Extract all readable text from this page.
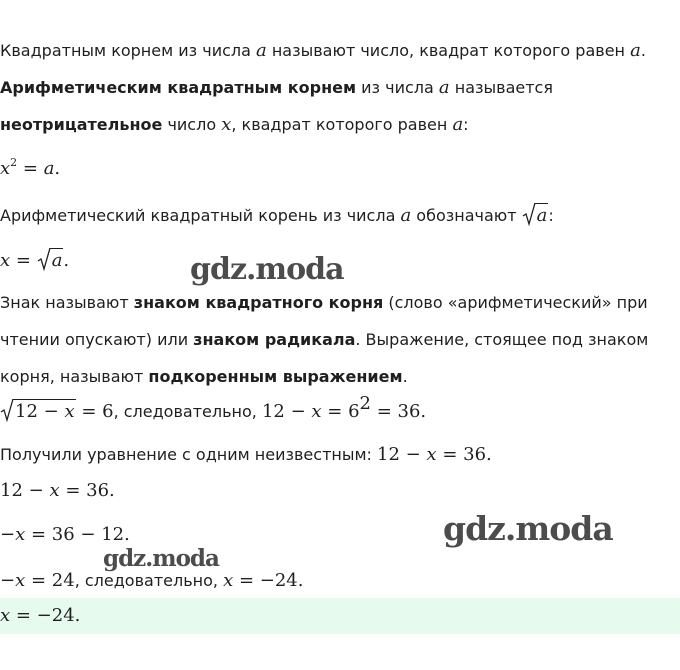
Квадратным корнем из числа a называют число, квадрат которого равен a.
Арифметическим квадратным корнем из числа a называется
неотрицательное число x, квадрат которого равен a:
$x^2 = a$.
Арифметический квадратный корень из числа a обозначают
a:
x =
a.
Знак называют знаком квадратного корня (слово «арифметический» при
чтении опускают) или знаком радикала. Выражение, стоящее под знаком
корня, называют подкоренным выражением.
12 − x = 6, следовательно, $12 - x = 6^2 = 36$.
Получили уравнение с одним неизвестным: 12 − x = 36.
12 − x = 36.
−x = 36 − 12.
−x = 24, следовательно, x = −24.
x = −24.
gdz.moda
gdz.moda
gdz.moda
